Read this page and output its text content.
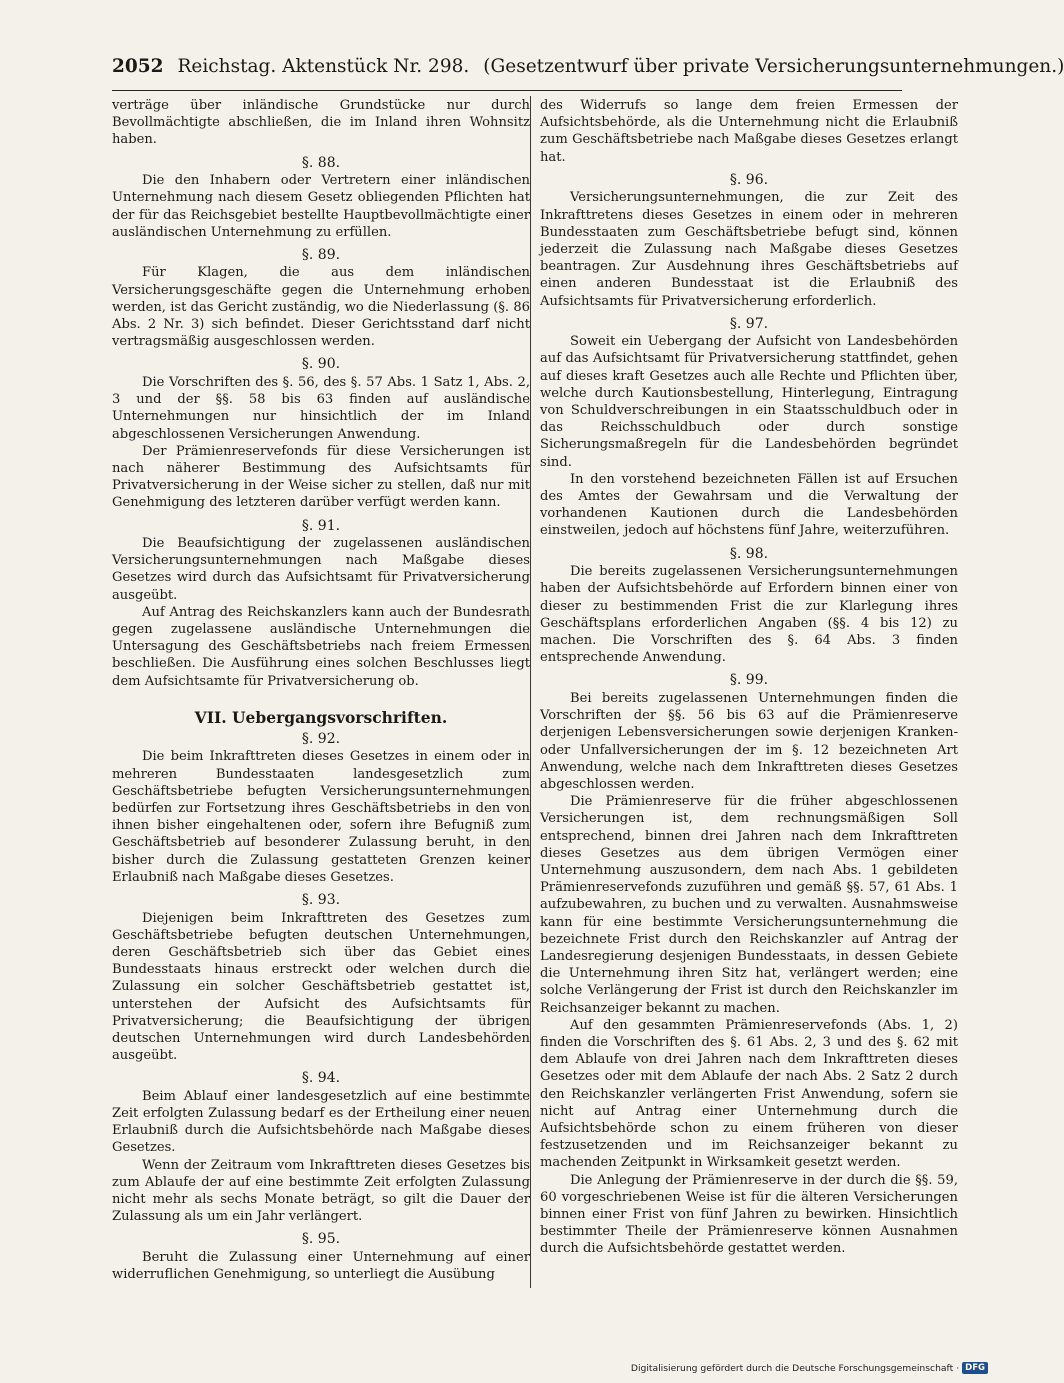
2052 Reichstag. Aktenstück Nr. 298. (Gesetzentwurf über private Versicherungsunternehmungen.)

verträge über inländische Grundstücke nur durch Bevollmächtigte abschließen, die im Inland ihren Wohnsitz haben.

§. 88.

Die den Inhabern oder Vertretern einer inländischen Unternehmung nach diesem Gesetz obliegenden Pflichten hat der für das Reichsgebiet bestellte Hauptbevollmächtigte einer ausländischen Unternehmung zu erfüllen.

§. 89.

Für Klagen, die aus dem inländischen Versicherungsgeschäfte gegen die Unternehmung erhoben werden, ist das Gericht zuständig, wo die Niederlassung (§. 86 Abs. 2 Nr. 3) sich befindet. Dieser Gerichtsstand darf nicht vertragsmäßig ausgeschlossen werden.

§. 90.

Die Vorschriften des §. 56, des §. 57 Abs. 1 Satz 1, Abs. 2, 3 und der §§. 58 bis 63 finden auf ausländische Unternehmungen nur hinsichtlich der im Inland abgeschlossenen Versicherungen Anwendung.

Der Prämienreservefonds für diese Versicherungen ist nach näherer Bestimmung des Aufsichtsamts für Privatversicherung in der Weise sicher zu stellen, daß nur mit Genehmigung des letzteren darüber verfügt werden kann.

§. 91.

Die Beaufsichtigung der zugelassenen ausländischen Versicherungsunternehmungen nach Maßgabe dieses Gesetzes wird durch das Aufsichtsamt für Privatversicherung ausgeübt.

Auf Antrag des Reichskanzlers kann auch der Bundesrath gegen zugelassene ausländische Unternehmungen die Untersagung des Geschäftsbetriebs nach freiem Ermessen beschließen. Die Ausführung eines solchen Beschlusses liegt dem Aufsichtsamte für Privatversicherung ob.

VII. Uebergangsvorschriften.

§. 92.

Die beim Inkrafttreten dieses Gesetzes in einem oder in mehreren Bundesstaaten landesgesetzlich zum Geschäftsbetriebe befugten Versicherungsunternehmungen bedürfen zur Fortsetzung ihres Geschäftsbetriebs in den von ihnen bisher eingehaltenen oder, sofern ihre Befugniß zum Geschäftsbetrieb auf besonderer Zulassung beruht, in den bisher durch die Zulassung gestatteten Grenzen keiner Erlaubniß nach Maßgabe dieses Gesetzes.

§. 93.

Diejenigen beim Inkrafttreten des Gesetzes zum Geschäftsbetriebe befugten deutschen Unternehmungen, deren Geschäftsbetrieb sich über das Gebiet eines Bundesstaats hinaus erstreckt oder welchen durch die Zulassung ein solcher Geschäftsbetrieb gestattet ist, unterstehen der Aufsicht des Aufsichtsamts für Privatversicherung; die Beaufsichtigung der übrigen deutschen Unternehmungen wird durch Landesbehörden ausgeübt.

§. 94.

Beim Ablauf einer landesgesetzlich auf eine bestimmte Zeit erfolgten Zulassung bedarf es der Ertheilung einer neuen Erlaubniß durch die Aufsichtsbehörde nach Maßgabe dieses Gesetzes.

Wenn der Zeitraum vom Inkrafttreten dieses Gesetzes bis zum Ablaufe der auf eine bestimmte Zeit erfolgten Zulassung nicht mehr als sechs Monate beträgt, so gilt die Dauer der Zulassung als um ein Jahr verlängert.

§. 95.

Beruht die Zulassung einer Unternehmung auf einer widerruflichen Genehmigung, so unterliegt die Ausübung

des Widerrufs so lange dem freien Ermessen der Aufsichtsbehörde, als die Unternehmung nicht die Erlaubniß zum Geschäftsbetriebe nach Maßgabe dieses Gesetzes erlangt hat.

§. 96.

Versicherungsunternehmungen, die zur Zeit des Inkrafttretens dieses Gesetzes in einem oder in mehreren Bundesstaaten zum Geschäftsbetriebe befugt sind, können jederzeit die Zulassung nach Maßgabe dieses Gesetzes beantragen. Zur Ausdehnung ihres Geschäftsbetriebs auf einen anderen Bundesstaat ist die Erlaubniß des Aufsichtsamts für Privatversicherung erforderlich.

§. 97.

Soweit ein Uebergang der Aufsicht von Landesbehörden auf das Aufsichtsamt für Privatversicherung stattfindet, gehen auf dieses kraft Gesetzes auch alle Rechte und Pflichten über, welche durch Kautionsbestellung, Hinterlegung, Eintragung von Schuldverschreibungen in ein Staatsschuldbuch oder in das Reichsschuldbuch oder durch sonstige Sicherungsmaßregeln für die Landesbehörden begründet sind.

In den vorstehend bezeichneten Fällen ist auf Ersuchen des Amtes der Gewahrsam und die Verwaltung der vorhandenen Kautionen durch die Landesbehörden einstweilen, jedoch auf höchstens fünf Jahre, weiterzuführen.

§. 98.

Die bereits zugelassenen Versicherungsunternehmungen haben der Aufsichtsbehörde auf Erfordern binnen einer von dieser zu bestimmenden Frist die zur Klarlegung ihres Geschäftsplans erforderlichen Angaben (§§. 4 bis 12) zu machen. Die Vorschriften des §. 64 Abs. 3 finden entsprechende Anwendung.

§. 99.

Bei bereits zugelassenen Unternehmungen finden die Vorschriften der §§. 56 bis 63 auf die Prämienreserve derjenigen Lebensversicherungen sowie derjenigen Kranken- oder Unfallversicherungen der im §. 12 bezeichneten Art Anwendung, welche nach dem Inkrafttreten dieses Gesetzes abgeschlossen werden.

Die Prämienreserve für die früher abgeschlossenen Versicherungen ist, dem rechnungsmäßigen Soll entsprechend, binnen drei Jahren nach dem Inkrafttreten dieses Gesetzes aus dem übrigen Vermögen einer Unternehmung auszusondern, dem nach Abs. 1 gebildeten Prämienreservefonds zuzuführen und gemäß §§. 57, 61 Abs. 1 aufzubewahren, zu buchen und zu verwalten. Ausnahmsweise kann für eine bestimmte Versicherungsunternehmung die bezeichnete Frist durch den Reichskanzler auf Antrag der Landesregierung desjenigen Bundesstaats, in dessen Gebiete die Unternehmung ihren Sitz hat, verlängert werden; eine solche Verlängerung der Frist ist durch den Reichskanzler im Reichsanzeiger bekannt zu machen.

Auf den gesammten Prämienreservefonds (Abs. 1, 2) finden die Vorschriften des §. 61 Abs. 2, 3 und des §. 62 mit dem Ablaufe von drei Jahren nach dem Inkrafttreten dieses Gesetzes oder mit dem Ablaufe der nach Abs. 2 Satz 2 durch den Reichskanzler verlängerten Frist Anwendung, sofern sie nicht auf Antrag einer Unternehmung durch die Aufsichtsbehörde schon zu einem früheren von dieser festzusetzenden und im Reichsanzeiger bekannt zu machenden Zeitpunkt in Wirksamkeit gesetzt werden.

Die Anlegung der Prämienreserve in der durch die §§. 59, 60 vorgeschriebenen Weise ist für die älteren Versicherungen binnen einer Frist von fünf Jahren zu bewirken. Hinsichtlich bestimmter Theile der Prämienreserve können Ausnahmen durch die Aufsichtsbehörde gestattet werden.

Digitalisierung gefördert durch die Deutsche Forschungsgemeinschaft · DFG
